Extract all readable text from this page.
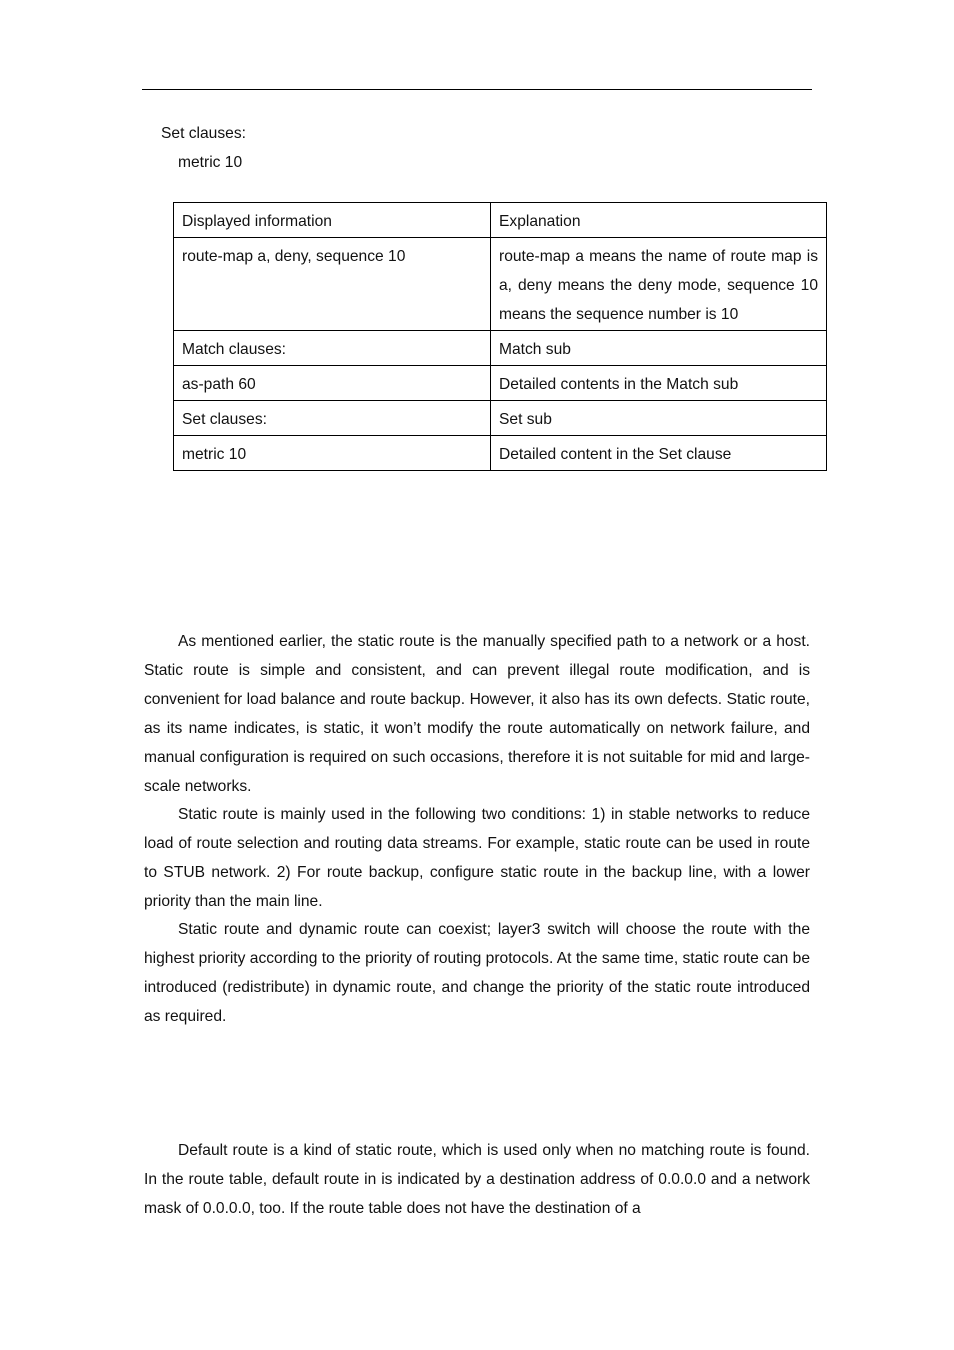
Set clauses:
metric 10
Displayed information	Explanation
route-map a, deny, sequence 10	route-map a means the name of route map is a, deny means the deny mode, sequence 10 means the sequence number is 10
Match clauses:	Match sub
as-path 60	Detailed contents in the Match sub
Set clauses:	Set sub
metric 10	Detailed content in the Set clause

As mentioned earlier, the static route is the manually specified path to a network or a host. Static route is simple and consistent, and can prevent illegal route modification, and is convenient for load balance and route backup. However, it also has its own defects. Static route, as its name indicates, is static, it won’t modify the route automatically on network failure, and manual configuration is required on such occasions, therefore it is not suitable for mid and large-scale networks.

Static route is mainly used in the following two conditions: 1) in stable networks to reduce load of route selection and routing data streams. For example, static route can be used in route to STUB network. 2) For route backup, configure static route in the backup line, with a lower priority than the main line.

Static route and dynamic route can coexist; layer3 switch will choose the route with the highest priority according to the priority of routing protocols. At the same time, static route can be introduced (redistribute) in dynamic route, and change the priority of the static route introduced as required.

Default route is a kind of static route, which is used only when no matching route is found. In the route table, default route in is indicated by a destination address of 0.0.0.0 and a network mask of 0.0.0.0, too. If the route table does not have the destination of a
